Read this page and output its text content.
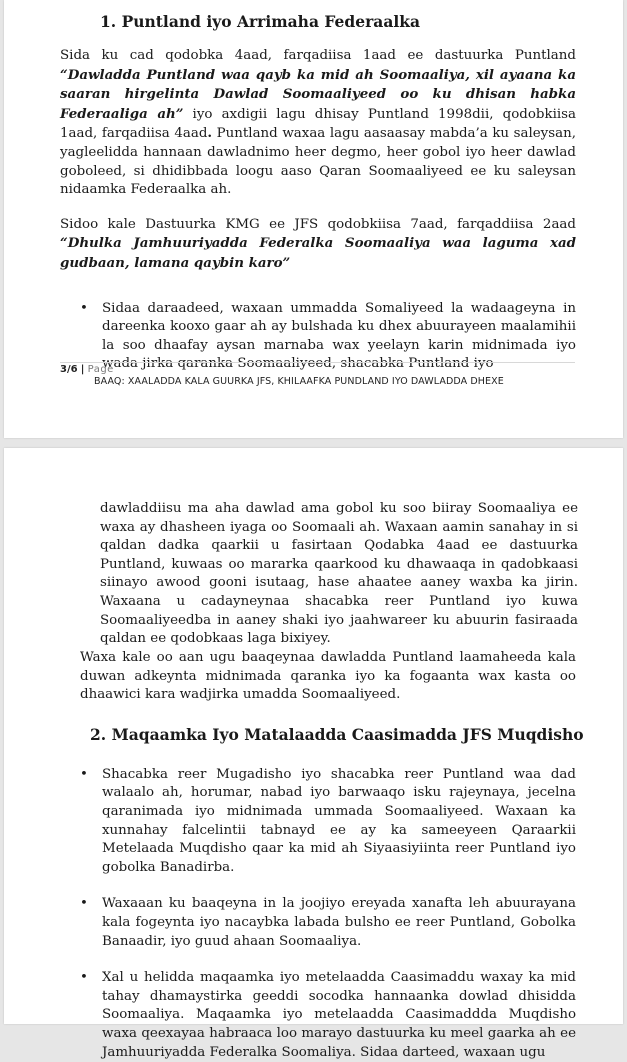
1. Puntland iyo Arrimaha Federaalka

Sida ku cad qodobka 4aad, farqadiisa 1aad ee dastuurka Puntland “Dawladda Puntland waa qayb ka mid ah Soomaaliya, xil ayaana ka saaran hirgelinta Dawlad Soomaaliyeed oo ku dhisan habka Federaaliga ah” iyo axdigii lagu dhisay Puntland 1998dii, qodobkiisa 1aad, farqadiisa 4aad. Puntland waxaa lagu aasaasay mabda’a ku saleysan, yagleelidda hannaan dawladnimo heer degmo, heer gobol iyo heer dawlad goboleed, si dhidibbada loogu aaso Qaran Soomaaliyeed ee ku saleysan nidaamka Federaalka ah.

Sidoo kale Dastuurka KMG ee JFS qodobkiisa 7aad, farqaddiisa 2aad “Dhulka Jamhuuriyadda Federalka Soomaaliya waa laguma xad gudbaan, lamana qaybin karo”

• Sidaa daraadeed, waxaan ummadda Somaliyeed la wadaageyna in dareenka kooxo gaar ah ay bulshada ku dhex abuurayeen maalamihii la soo dhaafay aysan marnaba wax yeelayn karin midnimada iyo wada jirka qaranka Soomaaliyeed, shacabka Puntland iyo

3/6 | Page
BAAQ: XAALADDA KALA GUURKA JFS, KHILAAFKA PUNDLAND IYO DAWLADDA DHEXE

dawladdiisu ma aha dawlad ama gobol ku soo biiray Soomaaliya ee waxa ay dhasheen iyaga oo Soomaali ah. Waxaan aamin sanahay in si qaldan dadka qaarkii u fasirtaan Qodabka 4aad ee dastuurka Puntland, kuwaas oo mararka qaarkood ku dhawaaqa in qadobkaasi siinayo awood gooni isutaag, hase ahaatee aaney waxba ka jirin. Waxaana u cadayneynaa shacabka reer Puntland iyo kuwa Soomaaliyeedba in aaney shaki iyo jaahwareer ku abuurin fasiraada qaldan ee qodobkaas laga bixiyey.

Waxa kale oo aan ugu baaqeynaa dawladda Puntland laamaheeda kala duwan adkeynta midnimada qaranka iyo ka fogaanta wax kasta oo dhaawici kara wadjirka umadda Soomaaliyeed.

2. Maqaamka Iyo Matalaadda Caasimadda JFS Muqdisho
• Shacabka reer Mugadisho iyo shacabka reer Puntland waa dad walaalo ah, horumar, nabad iyo barwaaqo isku rajeynaya, jecelna qaranimada iyo midnimada ummada Soomaaliyeed. Waxaan ka xunnahay falcelintii tabnayd ee ay ka sameeyeen Qaraarkii Metelaada Muqdisho qaar ka mid ah Siyaasiyiinta reer Puntland iyo gobolka Banadirba.

• Waxaaan ku baaqeyna in la joojiyo ereyada xanafta leh abuurayana kala fogeynta iyo nacaybka labada bulsho ee reer Puntland, Gobolka Banaadir, iyo guud ahaan Soomaaliya.

• Xal u helidda maqaamka iyo metelaadda Caasimaddu waxay ka mid tahay dhamaystirka geeddi socodka hannaanka dowlad dhisidda Soomaaliya. Maqaamka iyo metelaadda Caasimaddda Muqdisho waxa qeexayaa habraaca loo marayo dastuurka ku meel gaarka ah ee Jamhuuriyadda Federalka Soomaliya. Sidaa darteed, waxaan ugu
